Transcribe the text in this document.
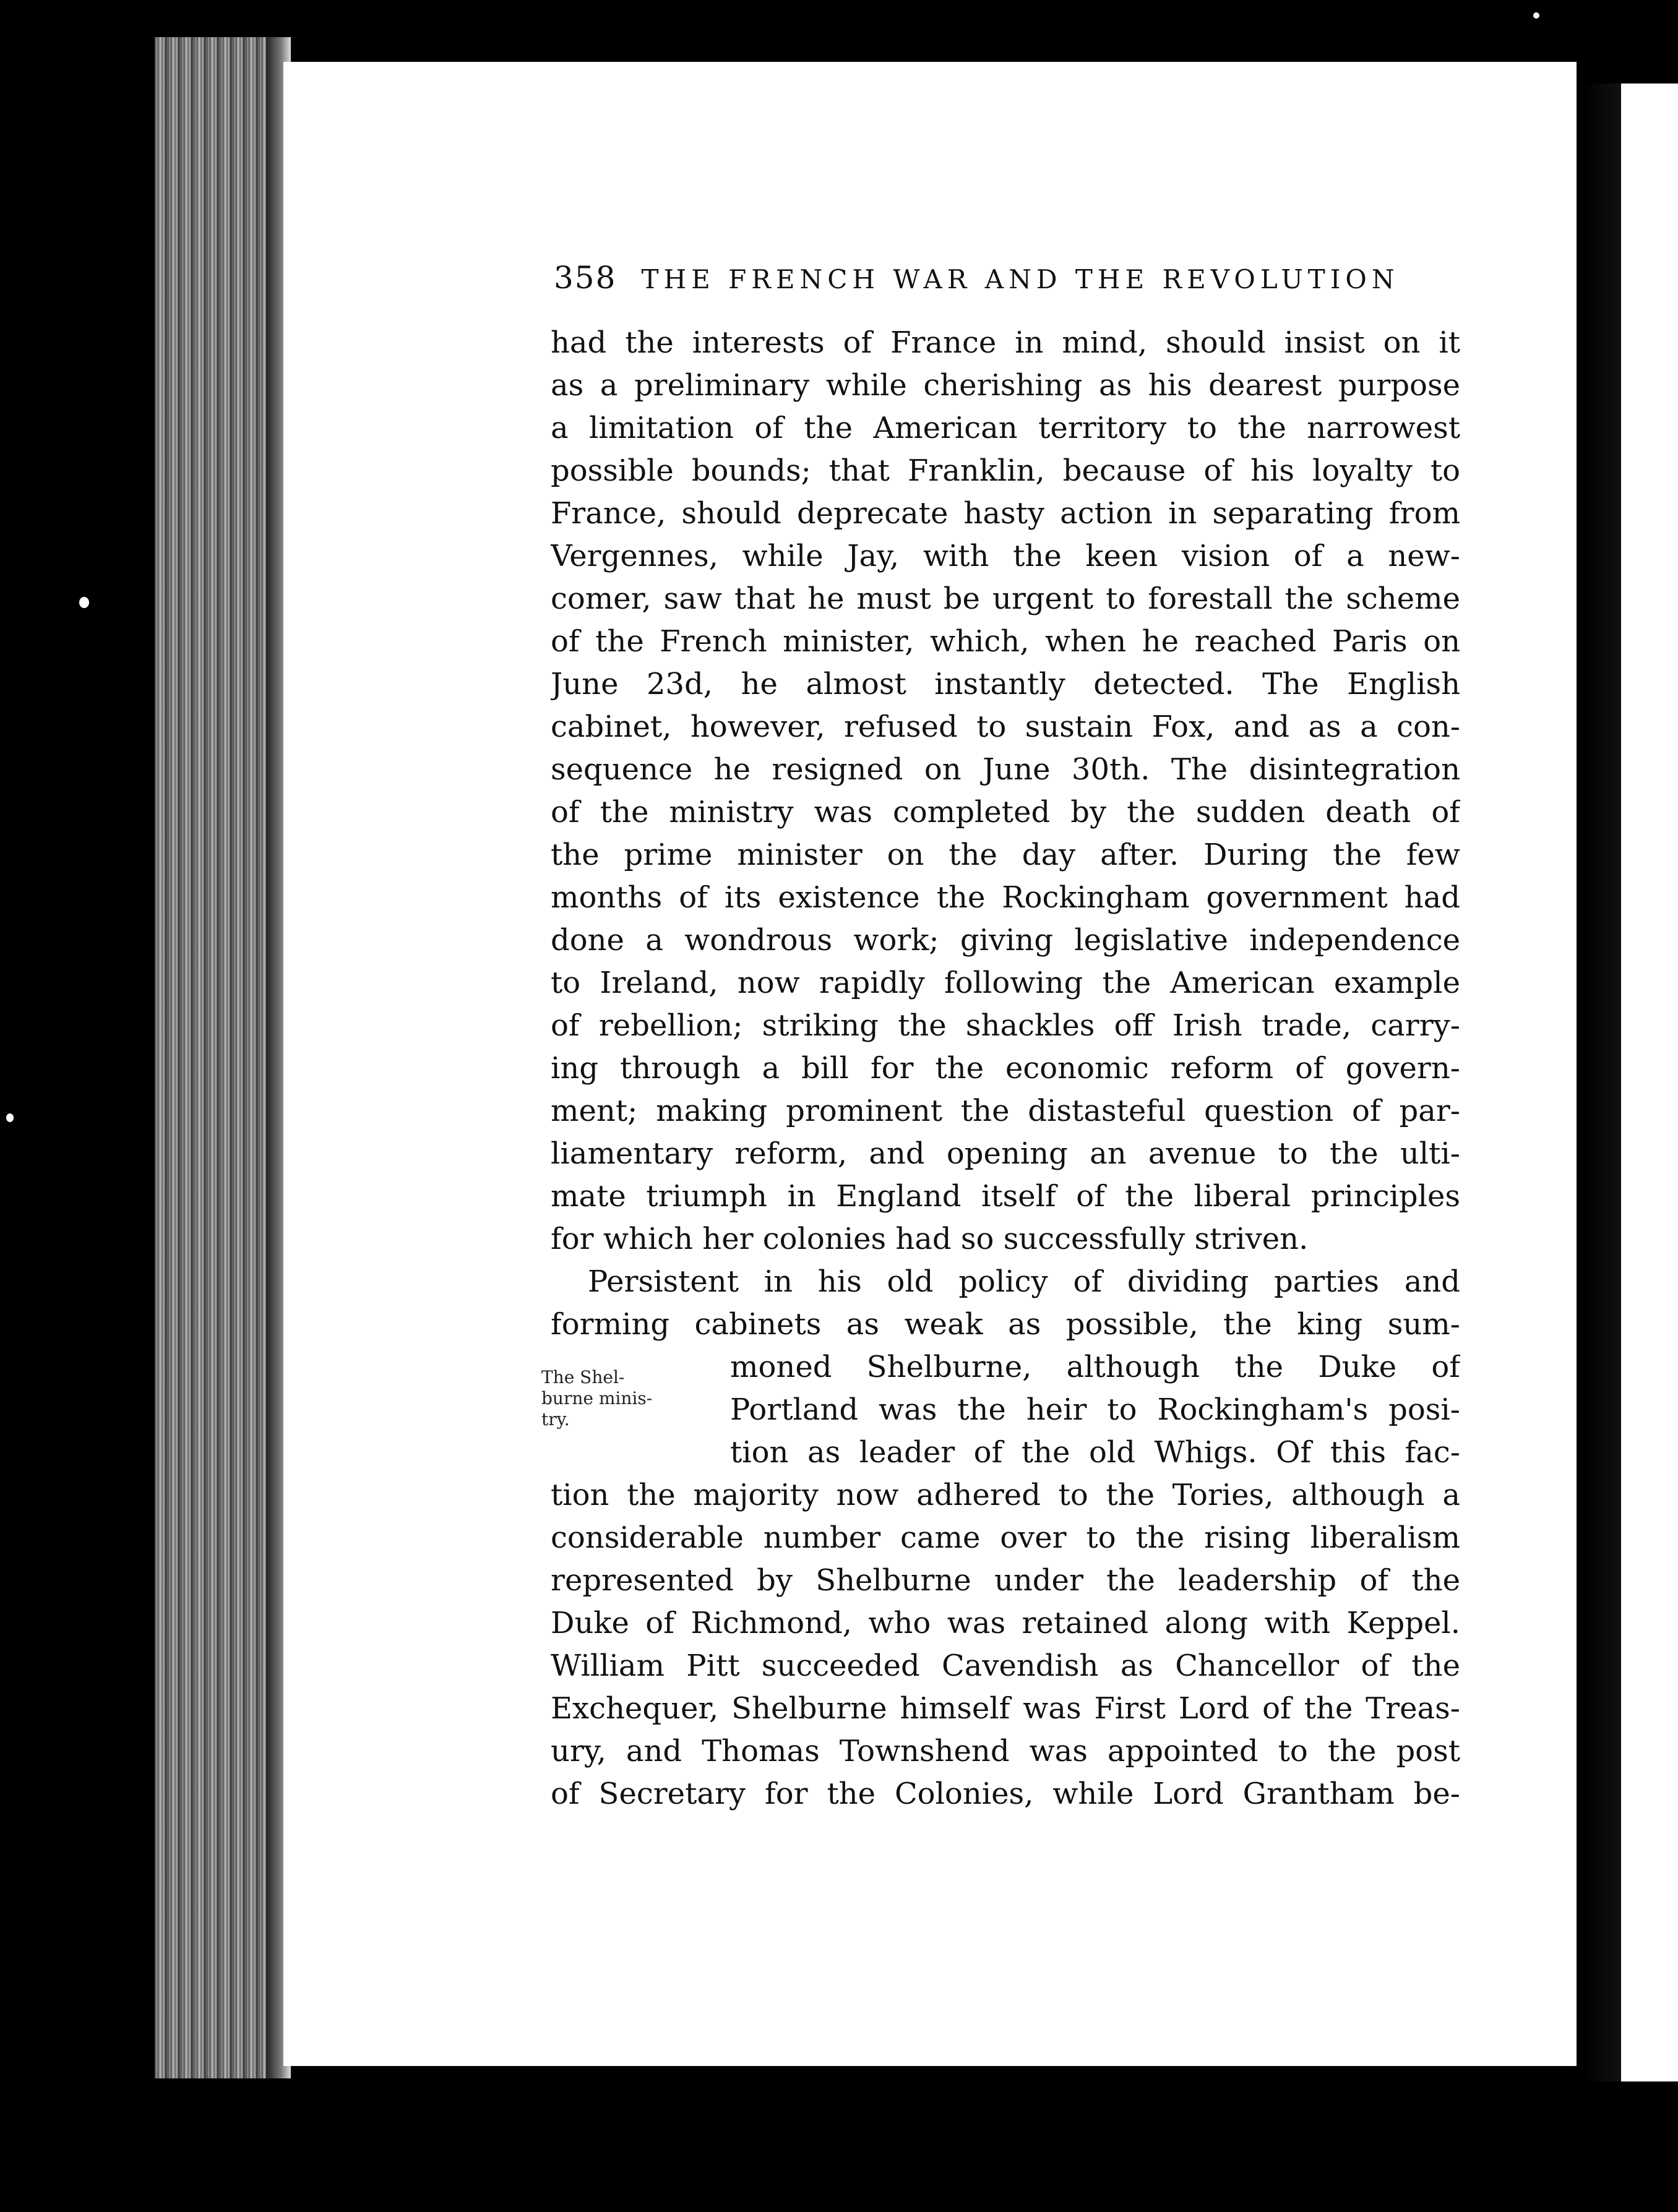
358 THE FRENCH WAR AND THE REVOLUTION
had the interests of France in mind, should insist on it
as a preliminary while cherishing as his dearest purpose
a limitation of the American territory to the narrowest
possible bounds; that Franklin, because of his loyalty to
France, should deprecate hasty action in separating from
Vergennes, while Jay, with the keen vision of a new-
comer, saw that he must be urgent to forestall the scheme
of the French minister, which, when he reached Paris on
June 23d, he almost instantly detected. The English
cabinet, however, refused to sustain Fox, and as a con-
sequence he resigned on June 30th. The disintegration
of the ministry was completed by the sudden death of
the prime minister on the day after. During the few
months of its existence the Rockingham government had
done a wondrous work; giving legislative independence
to Ireland, now rapidly following the American example
of rebellion; striking the shackles off Irish trade, carry-
ing through a bill for the economic reform of govern-
ment; making prominent the distasteful question of par-
liamentary reform, and opening an avenue to the ulti-
mate triumph in England itself of the liberal principles
for which her colonies had so successfully striven.
Persistent in his old policy of dividing parties and
forming cabinets as weak as possible, the king sum-
moned Shelburne, although the Duke of
Portland was the heir to Rockingham's posi-
tion as leader of the old Whigs. Of this fac-
tion the majority now adhered to the Tories, although a
considerable number came over to the rising liberalism
represented by Shelburne under the leadership of the
Duke of Richmond, who was retained along with Keppel.
William Pitt succeeded Cavendish as Chancellor of the
Exchequer, Shelburne himself was First Lord of the Treas-
ury, and Thomas Townshend was appointed to the post
of Secretary for the Colonies, while Lord Grantham be-
The Shel-
burne minis-
try.
